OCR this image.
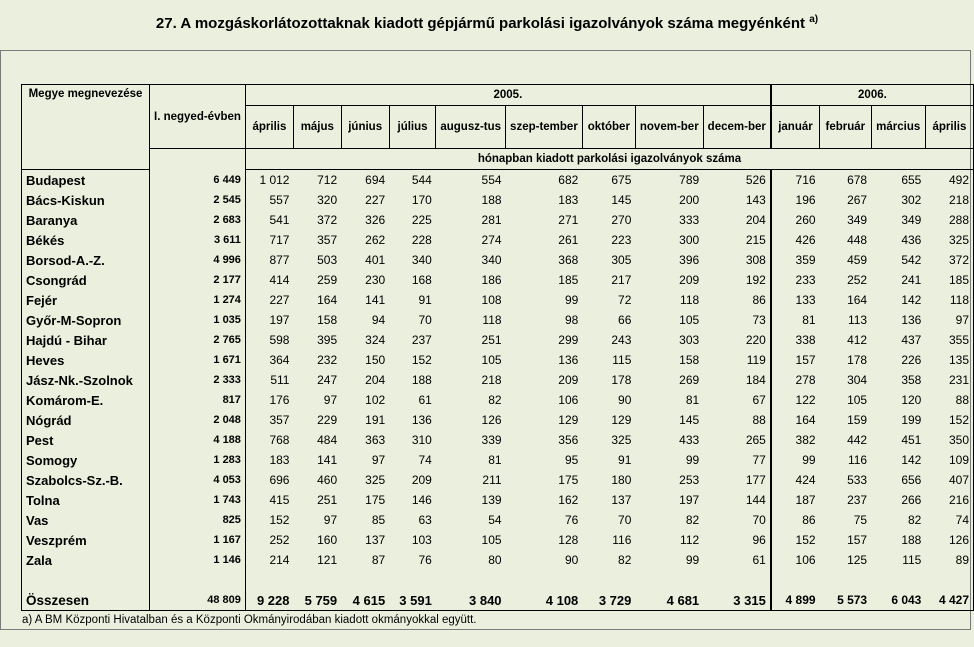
27. A mozgáskorlátozottaknak kiadott gépjármű parkolási igazolványok száma megyénként $^{a)}$
Megye megnevezése	I. negyed-évben	2005.									2006.			
		április	május	június	július	augusz-tus	szep-tember	október	novem-ber	decem-ber	január	február	március	április
		hónapban kiadott parkolási igazolványok száma												
Budapest	6 449	1 012	712	694	544	554	682	675	789	526	716	678	655	492
Bács-Kiskun	2 545	557	320	227	170	188	183	145	200	143	196	267	302	218
Baranya	2 683	541	372	326	225	281	271	270	333	204	260	349	349	288
Békés	3 611	717	357	262	228	274	261	223	300	215	426	448	436	325
Borsod-A.-Z.	4 996	877	503	401	340	340	368	305	396	308	359	459	542	372
Csongrád	2 177	414	259	230	168	186	185	217	209	192	233	252	241	185
Fejér	1 274	227	164	141	91	108	99	72	118	86	133	164	142	118
Győr-M-Sopron	1 035	197	158	94	70	118	98	66	105	73	81	113	136	97
Hajdú - Bihar	2 765	598	395	324	237	251	299	243	303	220	338	412	437	355
Heves	1 671	364	232	150	152	105	136	115	158	119	157	178	226	135
Jász-Nk.-Szolnok	2 333	511	247	204	188	218	209	178	269	184	278	304	358	231
Komárom-E.	817	176	97	102	61	82	106	90	81	67	122	105	120	88
Nógrád	2 048	357	229	191	136	126	129	129	145	88	164	159	199	152
Pest	4 188	768	484	363	310	339	356	325	433	265	382	442	451	350
Somogy	1 283	183	141	97	74	81	95	91	99	77	99	116	142	109
Szabolcs-Sz.-B.	4 053	696	460	325	209	211	175	180	253	177	424	533	656	407
Tolna	1 743	415	251	175	146	139	162	137	197	144	187	237	266	216
Vas	825	152	97	85	63	54	76	70	82	70	86	75	82	74
Veszprém	1 167	252	160	137	103	105	128	116	112	96	152	157	188	126
Zala	1 146	214	121	87	76	80	90	82	99	61	106	125	115	89

Összesen	48 809	9 228	5 759	4 615	3 591	3 840	4 108	3 729	4 681	3 315	4 899	5 573	6 043	4 427
a) A BM Központi Hivatalban és a Központi Okmányirodában kiadott okmányokkal együtt.
